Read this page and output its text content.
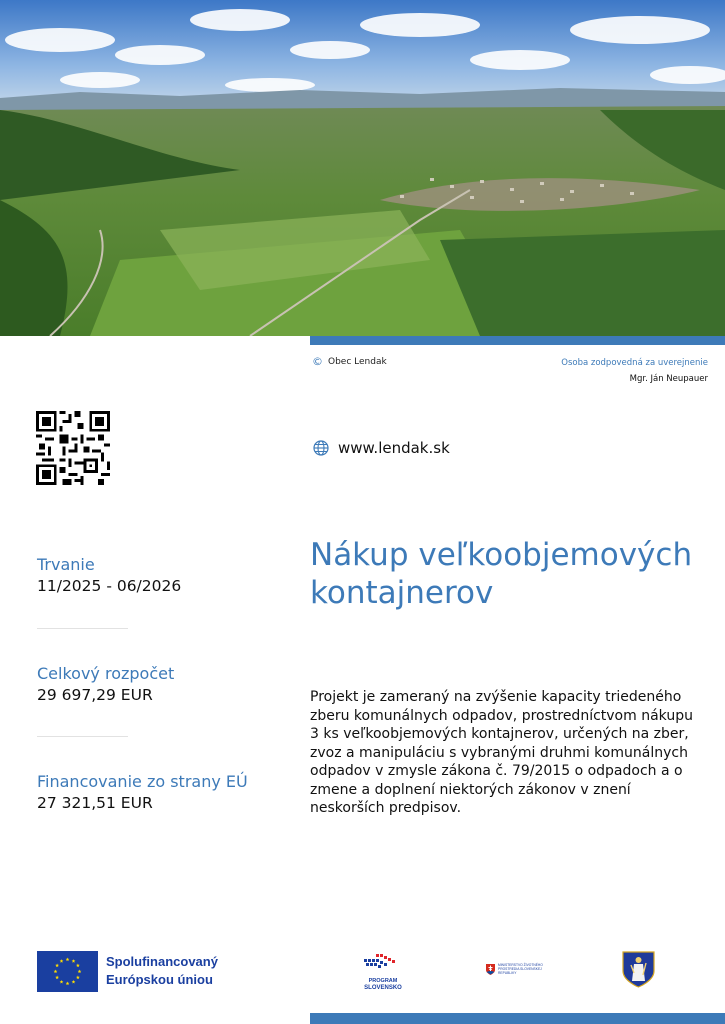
© Obec Lendak	Osoba zodpovedná za uverejnenie
Mgr. Ján Neupauer
www.lendak.sk
Trvanie
11/2025 - 06/2026
Celkový rozpočet
29 697,29 EUR
Financovanie zo strany EÚ
27 321,51 EUR
Nákup veľkoobjemových kontajnerov
Projekt je zameraný na zvýšenie kapacity triedeného zberu komunálnych odpadov, prostredníctvom nákupu 3 ks veľkoobjemových kontajnerov, určených na zber, zvoz a manipuláciu s vybranými druhmi komunálnych odpadov v zmysle zákona č. 79/2015 o odpadoch a o zmene a doplnení niektorých zákonov v znení neskorších predpisov.
Spolufinancovaný
Európskou úniou	PROGRAM
SLOVENSKO
MINISTERSTVO ŽIVOTNÉHO PROSTREDIA SLOVENSKEJ REPUBLIKY
